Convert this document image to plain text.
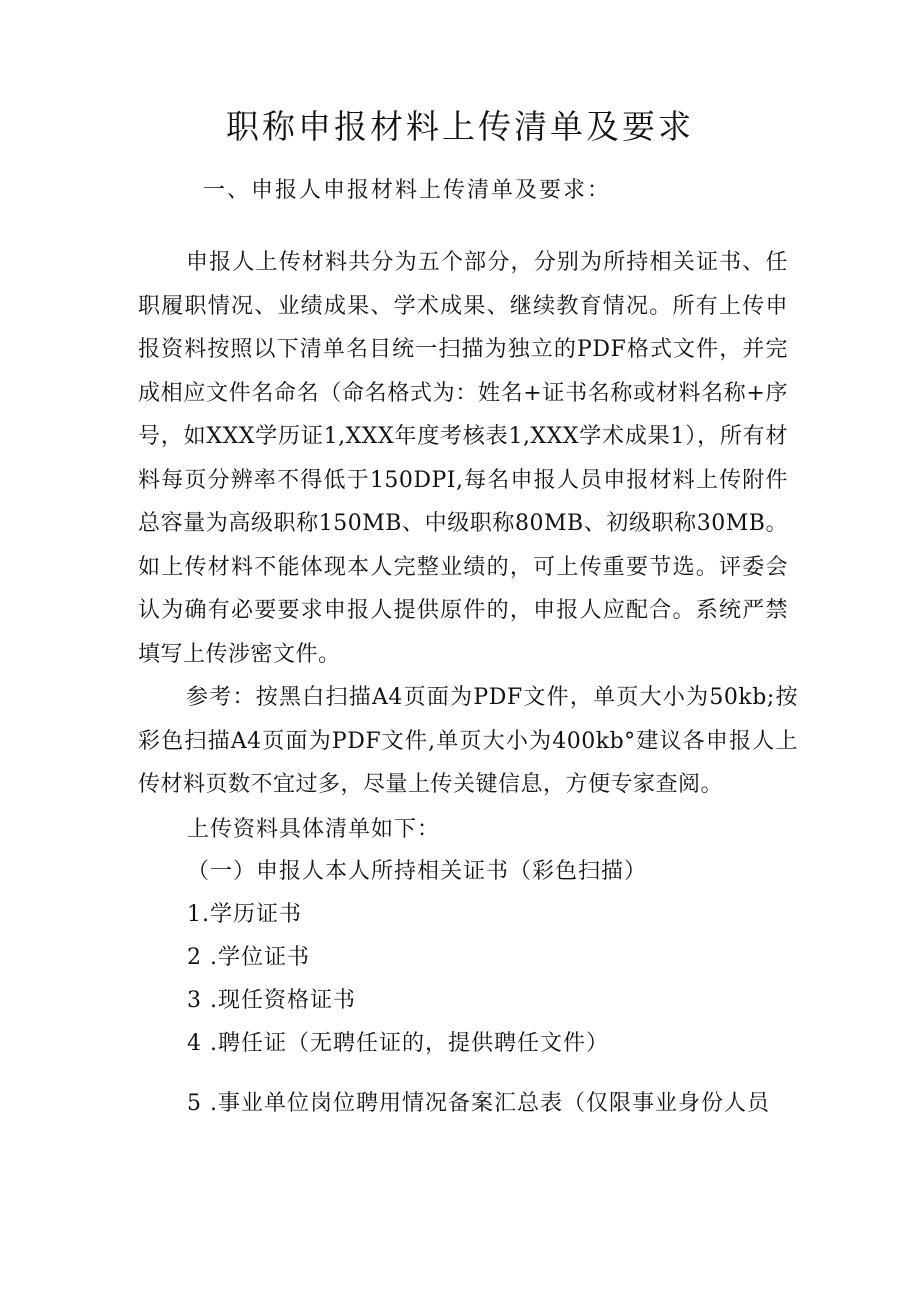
职称申报材料上传清单及要求

一、申报人申报材料上传清单及要求：

申报人上传材料共分为五个部分，分别为所持相关证书、任职履职情况、业绩成果、学术成果、继续教育情况。所有上传申报资料按照以下清单名目统一扫描为独立的PDF格式文件，并完成相应文件名命名（命名格式为：姓名+证书名称或材料名称+序号，如XXX学历证1,XXX年度考核表1,XXX学术成果1），所有材料每页分辨率不得低于150DPI,每名申报人员申报材料上传附件总容量为高级职称150MB、中级职称80MB、初级职称30MB。如上传材料不能体现本人完整业绩的，可上传重要节选。评委会认为确有必要要求申报人提供原件的，申报人应配合。系统严禁填写上传涉密文件。

参考：按黑白扫描A4页面为PDF文件，单页大小为50kb;按彩色扫描A4页面为PDF文件,单页大小为400kb°建议各申报人上传材料页数不宜过多，尽量上传关键信息，方便专家查阅。

上传资料具体清单如下：

（一）申报人本人所持相关证书（彩色扫描）

1.学历证书

2 .学位证书

3 .现任资格证书

4 .聘任证（无聘任证的，提供聘任文件）

5 .事业单位岗位聘用情况备案汇总表（仅限事业身份人员
